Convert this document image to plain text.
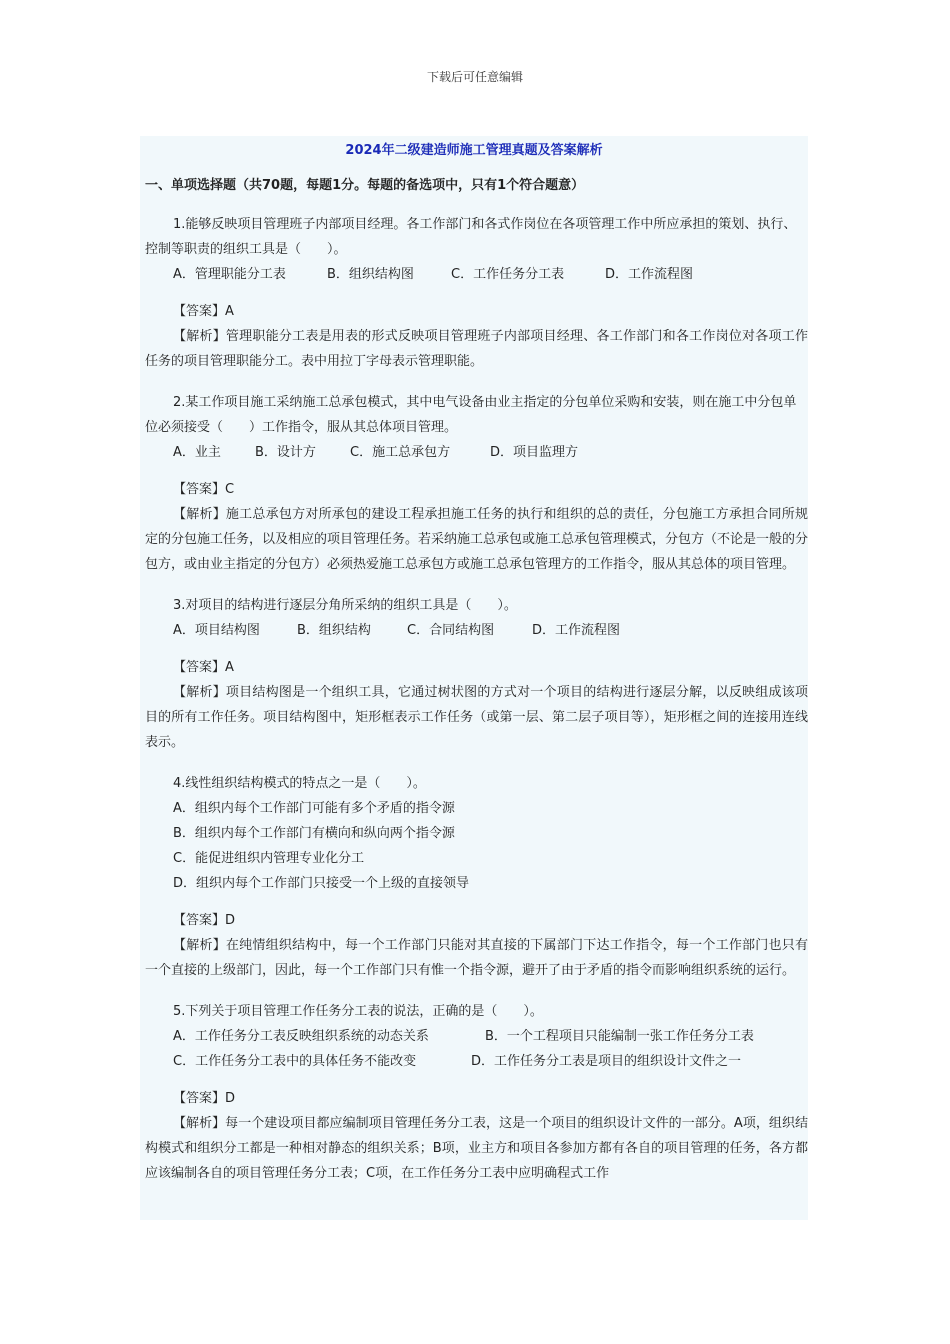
下载后可任意编辑
2024年二级建造师施工管理真题及答案解析
一、单项选择题（共70题，每题1分。每题的备选项中，只有1个符合题意）
1.能够反映项目管理班子内部项目经理。各工作部门和各式作岗位在各项管理工作中所应承担的策划、执行、控制等职责的组织工具是（　　）。
A．管理职能分工表	B．组织结构图	C．工作任务分工表	D．工作流程图
【答案】A
【解析】管理职能分工表是用表的形式反映项目管理班子内部项目经理、各工作部门和各工作岗位对各项工作任务的项目管理职能分工。表中用拉丁字母表示管理职能。
2.某工作项目施工采纳施工总承包模式，其中电气设备由业主指定的分包单位采购和安装，则在施工中分包单位必须接受（　　）工作指令，服从其总体项目管理。
A．业主	B．设计方	C．施工总承包方	D．项目监理方
【答案】C
【解析】施工总承包方对所承包的建设工程承担施工任务的执行和组织的总的责任，分包施工方承担合同所规定的分包施工任务，以及相应的项目管理任务。若采纳施工总承包或施工总承包管理模式，分包方（不论是一般的分包方，或由业主指定的分包方）必须热爱施工总承包方或施工总承包管理方的工作指令，服从其总体的项目管理。
3.对项目的结构进行逐层分角所采纳的组织工具是（　　）。
A．项目结构图	B．组织结构	C．合同结构图	D．工作流程图
【答案】A
【解析】项目结构图是一个组织工具，它通过树状图的方式对一个项目的结构进行逐层分解，以反映组成该项目的所有工作任务。项目结构图中，矩形框表示工作任务（或第一层、第二层子项目等），矩形框之间的连接用连线表示。
4.线性组织结构模式的特点之一是（　　）。
A．组织内每个工作部门可能有多个矛盾的指令源
B．组织内每个工作部门有横向和纵向两个指令源
C．能促进组织内管理专业化分工
D．组织内每个工作部门只接受一个上级的直接领导
【答案】D
【解析】在纯情组织结构中，每一个工作部门只能对其直接的下属部门下达工作指令，每一个工作部门也只有一个直接的上级部门，因此，每一个工作部门只有惟一个指令源，避开了由于矛盾的指令而影响组织系统的运行。
5.下列关于项目管理工作任务分工表的说法，正确的是（　　）。
A．工作任务分工表反映组织系统的动态关系	B．一个工程项目只能编制一张工作任务分工表
C．工作任务分工表中的具体任务不能改变	D．工作任务分工表是项目的组织设计文件之一
【答案】D
【解析】每一个建设项目都应编制项目管理任务分工表，这是一个项目的组织设计文件的一部分。A项，组织结构模式和组织分工都是一种相对静态的组织关系；B项，业主方和项目各参加方都有各自的项目管理的任务，各方都应该编制各自的项目管理任务分工表；C项，在工作任务分工表中应明确程式工作
